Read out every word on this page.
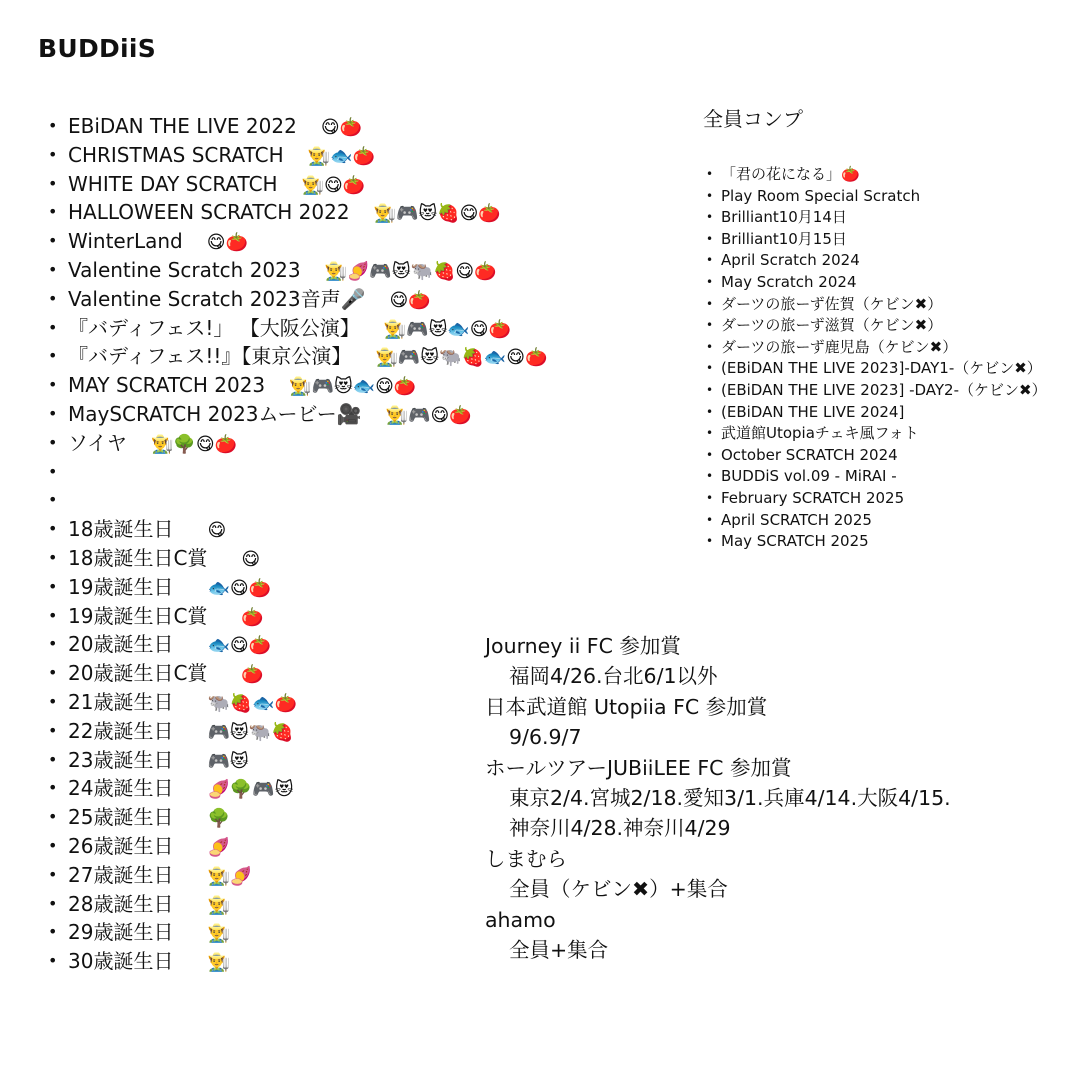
BUDDiiS
• EBiDAN THE LIVE 2022 😋🍅
• CHRISTMAS SCRATCH 👨‍🌾🐟🍅
• WHITE DAY SCRATCH 👨‍🌾😋🍅
• HALLOWEEN SCRATCH 2022 👨‍🌾🎮😻🍓😋🍅
• WinterLand 😋🍅
• Valentine Scratch 2023 👨‍🌾🍠🎮😻🐃🍓😋🍅
• Valentine Scratch 2023音声🎤 😋🍅
• 『バディフェス!」 【大阪公演】 👨‍🌾🎮😻🐟😋🍅
• 『バディフェス!!』【東京公演】 👨‍🌾🎮😻🐃🍓🐟😋🍅
• MAY SCRATCH 2023 👨‍🌾🎮😻🐟😋🍅
• MaySCRATCH 2023ムービー🎥 👨‍🌾🎮😋🍅
• ソイヤ 👨‍🌾🌳😋🍅
•
•
• 18歳誕生日 😋
• 18歳誕生日C賞 😋
• 19歳誕生日 🐟😋🍅
• 19歳誕生日C賞 🍅
• 20歳誕生日 🐟😋🍅
• 20歳誕生日C賞 🍅
• 21歳誕生日 🐃🍓🐟🍅
• 22歳誕生日 🎮😻🐃🍓
• 23歳誕生日 🎮😻
• 24歳誕生日 🍠🌳🎮😻
• 25歳誕生日 🌳
• 26歳誕生日 🍠
• 27歳誕生日 👨‍🌾🍠
• 28歳誕生日 👨‍🌾
• 29歳誕生日 👨‍🌾
• 30歳誕生日 👨‍🌾
全員コンプ
• 「君の花になる」🍅
• Play Room Special Scratch
• Brilliant10月14日
• Brilliant10月15日
• April Scratch 2024
• May Scratch 2024
• ダーツの旅ーず佐賀（ケビン✖）
• ダーツの旅ーず滋賀（ケビン✖）
• ダーツの旅ーず鹿児島（ケビン✖）
• (EBiDAN THE LIVE 2023]-DAY1-（ケビン✖）
• (EBiDAN THE LIVE 2023] -DAY2-（ケビン✖）
• (EBiDAN THE LIVE 2024]
• 武道館Utopiaチェキ風フォト
• October SCRATCH 2024
• BUDDiS vol.09 - MiRAI -
• February SCRATCH 2025
• April SCRATCH 2025
• May SCRATCH 2025
Journey ii FC 参加賞
福岡4/26.台北6/1以外
日本武道館 Utopiia FC 参加賞
9/6.9/7
ホールツアーJUBiiLEE FC 参加賞
東京2/4.宮城2/18.愛知3/1.兵庫4/14.大阪4/15.
神奈川4/28.神奈川4/29
しまむら
全員（ケビン✖）+集合
ahamo
全員+集合
